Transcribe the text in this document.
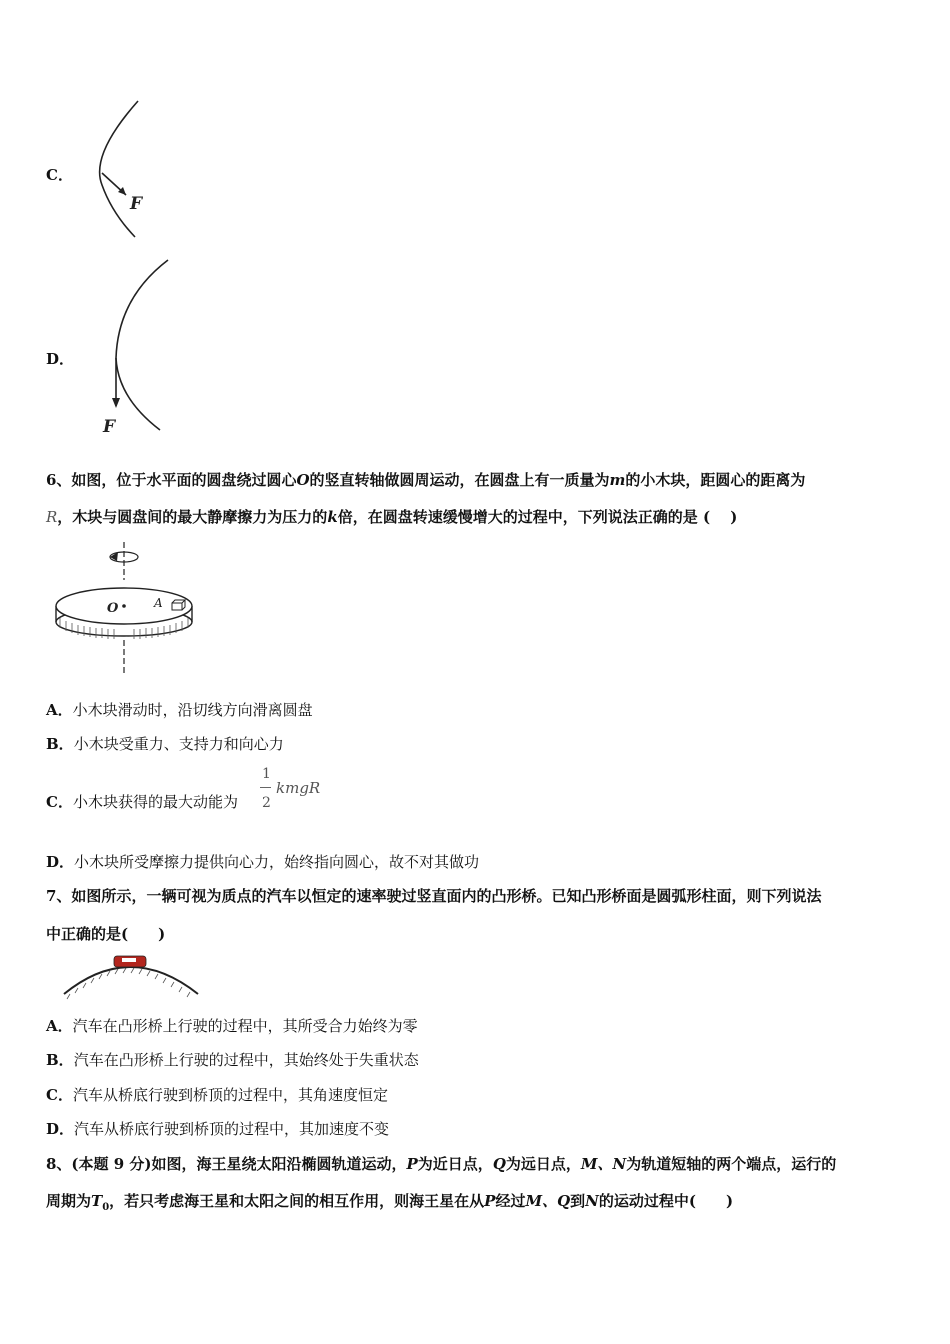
C．
F
D．
F
6、如图，位于水平面的圆盘绕过圆心O的竖直转轴做圆周运动，在圆盘上有一质量为m的小木块，距圆心的距离为
R，木块与圆盘间的最大静摩擦力为压力的k倍，在圆盘转速缓慢增大的过程中，下列说法正确的是 (　 )
O	A
A．小木块滑动时，沿切线方向滑离圆盘
B．小木块受重力、支持力和向心力
C．小木块获得的最大动能为
1
2
kmgR
D．小木块所受摩擦力提供向心力，始终指向圆心，故不对其做功
7、如图所示，一辆可视为质点的汽车以恒定的速率驶过竖直面内的凸形桥。已知凸形桥面是圆弧形柱面，则下列说法
中正确的是(　　)
A．汽车在凸形桥上行驶的过程中，其所受合力始终为零
B．汽车在凸形桥上行驶的过程中，其始终处于失重状态
C．汽车从桥底行驶到桥顶的过程中，其角速度恒定
D．汽车从桥底行驶到桥顶的过程中，其加速度不变
8、(本题 9 分)如图，海王星绕太阳沿椭圆轨道运动，P为近日点，Q为远日点，M、N为轨道短轴的两个端点，运行的
周期为$T_0$，若只考虑海王星和太阳之间的相互作用，则海王星在从P经过M、Q到N的运动过程中(　　)
